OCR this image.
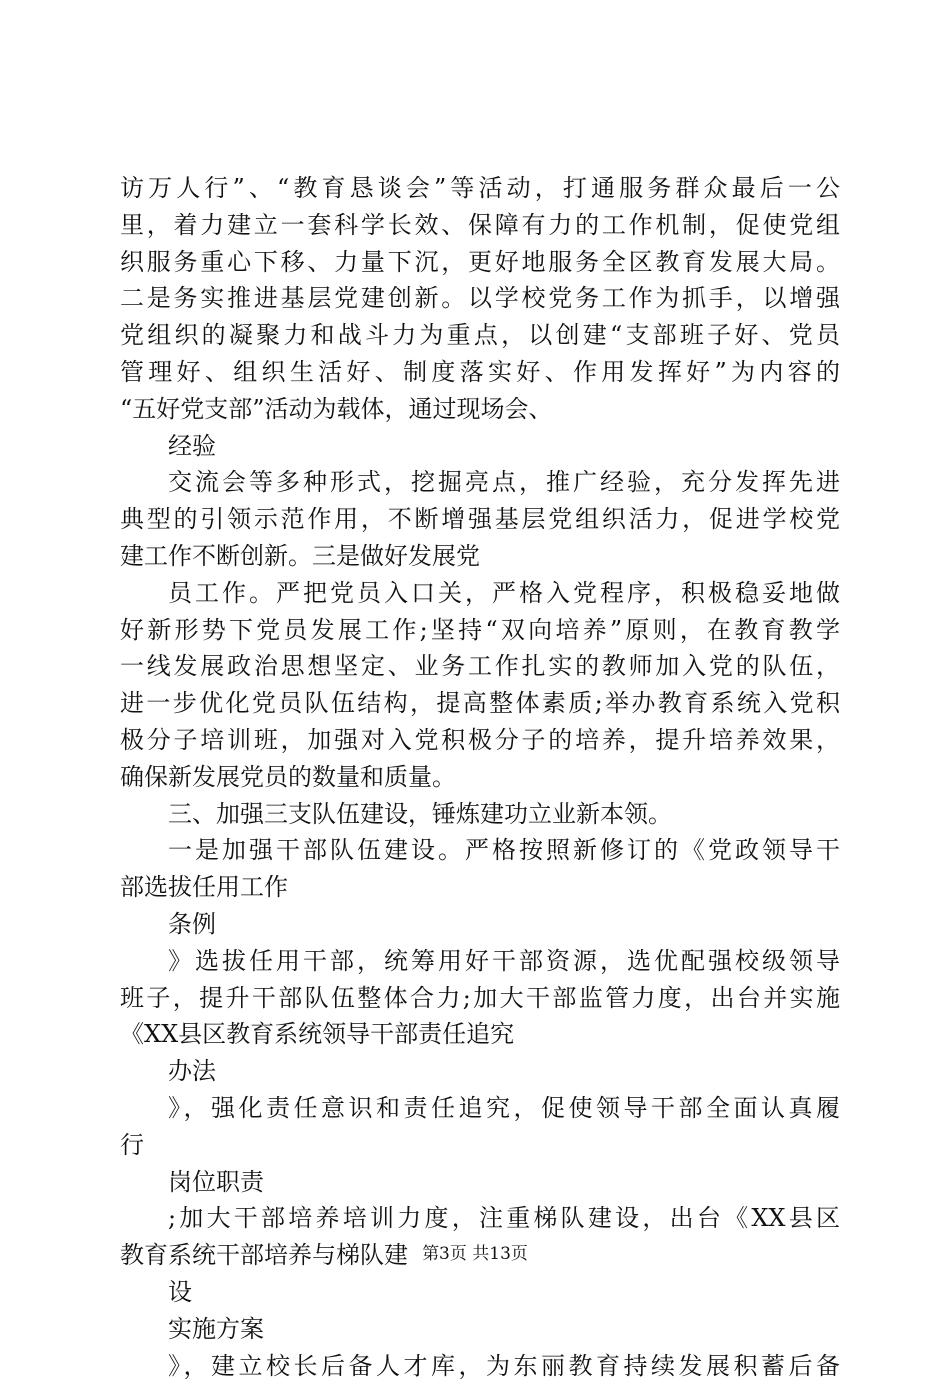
访万人行”、“教育恳谈会”等活动，打通服务群众最后一公
里，着力建立一套科学长效、保障有力的工作机制，促使党组
织服务重心下移、力量下沉，更好地服务全区教育发展大局。
二是务实推进基层党建创新。以学校党务工作为抓手，以增强
党组织的凝聚力和战斗力为重点，以创建“支部班子好、党员
管理好、组织生活好、制度落实好、作用发挥好”为内容的
“五好党支部”活动为载体，通过现场会、
经验
交流会等多种形式，挖掘亮点，推广经验，充分发挥先进
典型的引领示范作用，不断增强基层党组织活力，促进学校党
建工作不断创新。三是做好发展党
员工作。严把党员入口关，严格入党程序，积极稳妥地做
好新形势下党员发展工作;坚持“双向培养”原则，在教育教学
一线发展政治思想坚定、业务工作扎实的教师加入党的队伍，
进一步优化党员队伍结构，提高整体素质;举办教育系统入党积
极分子培训班，加强对入党积极分子的培养，提升培养效果，
确保新发展党员的数量和质量。
三、加强三支队伍建设，锤炼建功立业新本领。
一是加强干部队伍建设。严格按照新修订的《党政领导干
部选拔任用工作
条例
》选拔任用干部，统筹用好干部资源，选优配强校级领导
班子，提升干部队伍整体合力;加大干部监管力度，出台并实施
《XX县区教育系统领导干部责任追究
办法
》，强化责任意识和责任追究，促使领导干部全面认真履
行
岗位职责
;加大干部培养培训力度，注重梯队建设，出台《XX县区
教育系统干部培养与梯队建
设
实施方案
》，建立校长后备人才库，为东丽教育持续发展积蓄后备
第3页 共13页
